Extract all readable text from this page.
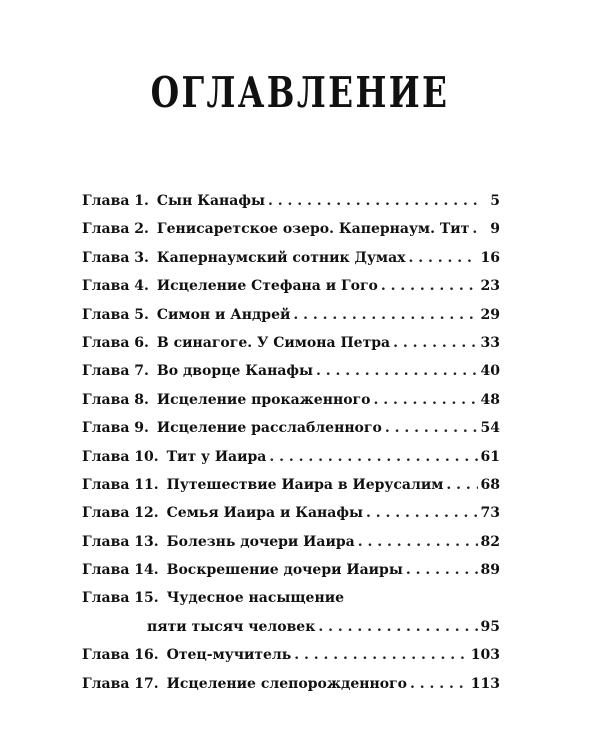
ОГЛАВЛЕНИЕ
Глава 1. Сын Канафы . . .	5
Глава 2. Генисаретское озеро. Капернаум. Тит . . .	9
Глава 3. Капернаумский сотник Думах . . .	16
Глава 4. Исцеление Стефана и Гого . . .	23
Глава 5. Симон и Андрей . . .	29
Глава 6. В синагоге. У Симона Петра . . .	33
Глава 7. Во дворце Канафы . . .	40
Глава 8. Исцеление прокаженного . . .	48
Глава 9. Исцеление расслабленного . . .	54
Глава 10. Тит у Иаира . . .	61
Глава 11. Путешествие Иаира в Иерусалим . . .	68
Глава 12. Семья Иаира и Канафы . . .	73
Глава 13. Болезнь дочери Иаира . . .	82
Глава 14. Воскрешение дочери Иаиры . . .	89
Глава 15. Чудесное насыщение
пяти тысяч человек . . .	95
Глава 16. Отец-мучитель . . .	103
Глава 17. Исцеление слепорожденного . . .	113
